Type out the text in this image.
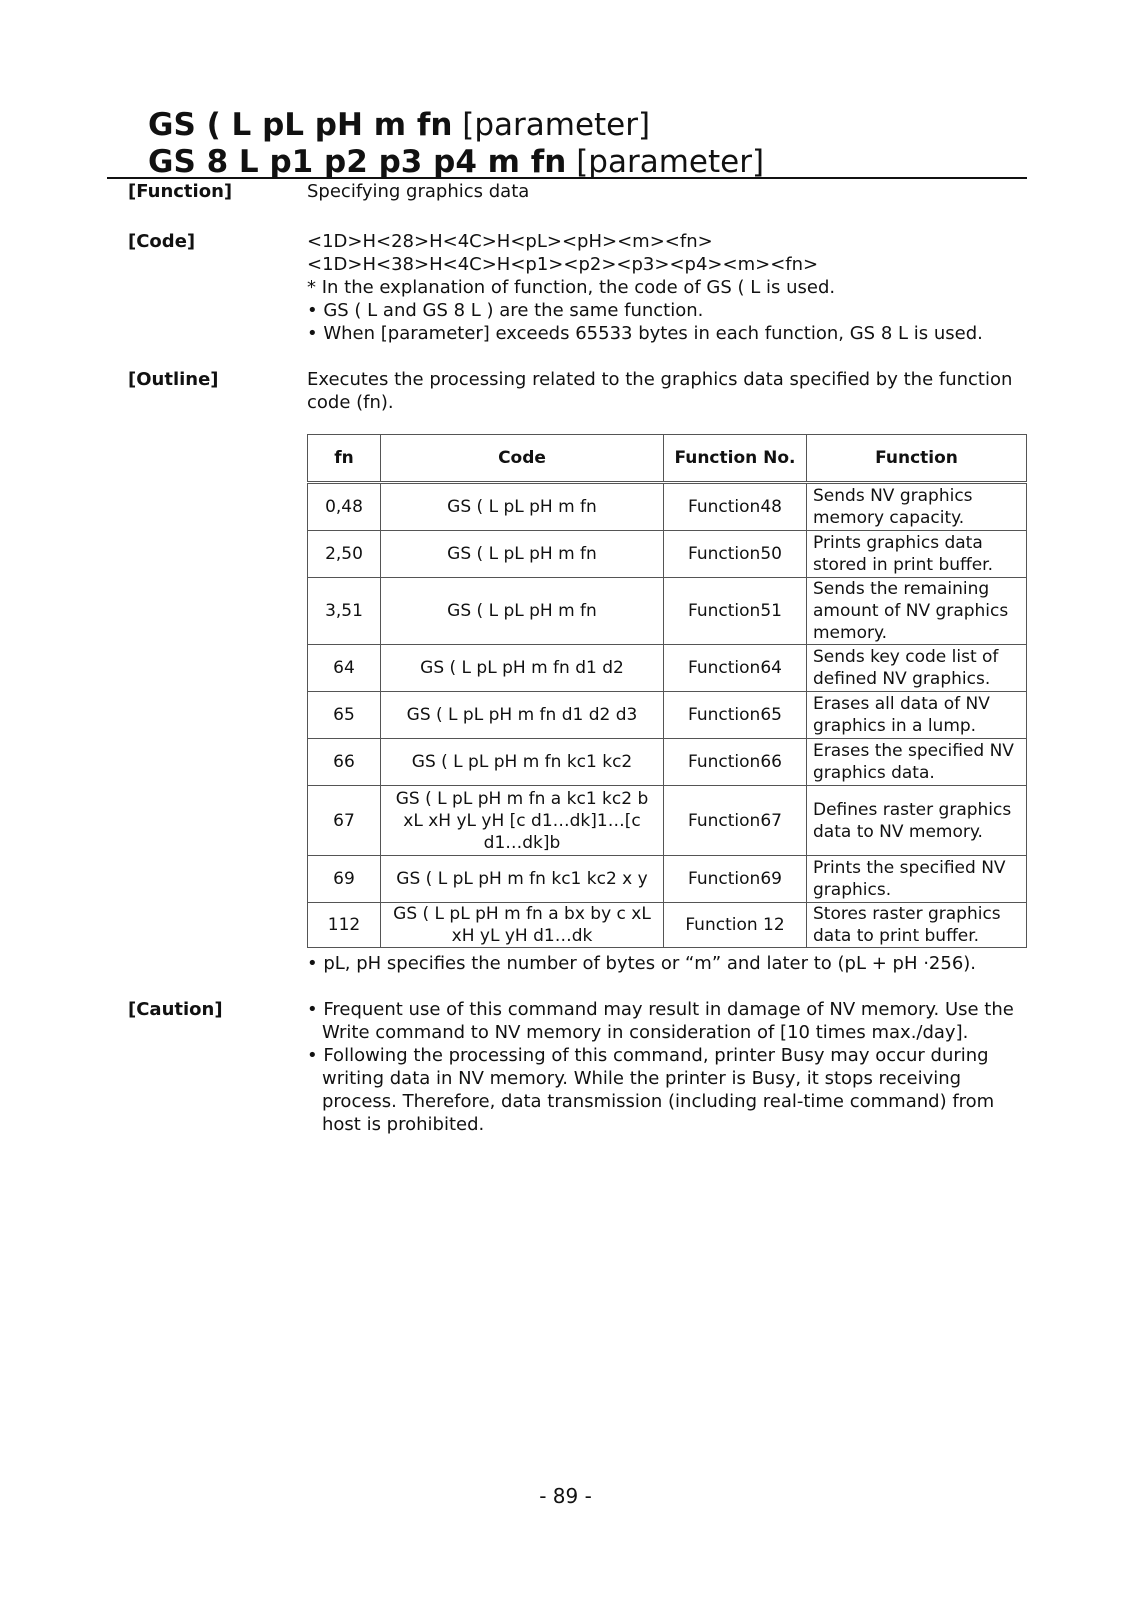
GS ( L pL pH m fn [parameter]
GS 8 L p1 p2 p3 p4 m fn [parameter]
[Function]	Specifying graphics data
[Code]	<1D>H<28>H<4C>H<pL><pH><m><fn>
<1D>H<38>H<4C>H<p1><p2><p3><p4><m><fn>
* In the explanation of function, the code of GS ( L is used.
• GS ( L and GS 8 L ) are the same function.
• When [parameter] exceeds 65533 bytes in each function, GS 8 L is used.
[Outline]	Executes the processing related to the graphics data specified by the function code (fn).
fn	Code	Function No.	Function
0,48	GS ( L pL pH m fn	Function48	Sends NV graphics memory capacity.
2,50	GS ( L pL pH m fn	Function50	Prints graphics data stored in print buffer.
3,51	GS ( L pL pH m fn	Function51	Sends the remaining amount of NV graphics memory.
64	GS ( L pL pH m fn d1 d2	Function64	Sends key code list of defined NV graphics.
65	GS ( L pL pH m fn d1 d2 d3	Function65	Erases all data of NV graphics in a lump.
66	GS ( L pL pH m fn kc1 kc2	Function66	Erases the specified NV graphics data.
67	GS ( L pL pH m fn a kc1 kc2 b xL xH yL yH [c d1…dk]1…[c d1…dk]b	Function67	Defines raster graphics data to NV memory.
69	GS ( L pL pH m fn kc1 kc2 x y	Function69	Prints the specified NV graphics.
112	GS ( L pL pH m fn a bx by c xL xH yL yH d1…dk	Function 12	Stores raster graphics data to print buffer.
• pL, pH specifies the number of bytes or “m” and later to (pL + pH ⋅256).
[Caution]	• Frequent use of this command may result in damage of NV memory. Use the Write command to NV memory in consideration of [10 times max./day].
• Following the processing of this command, printer Busy may occur during writing data in NV memory. While the printer is Busy, it stops receiving process. Therefore, data transmission (including real-time command) from host is prohibited.
- 89 -
